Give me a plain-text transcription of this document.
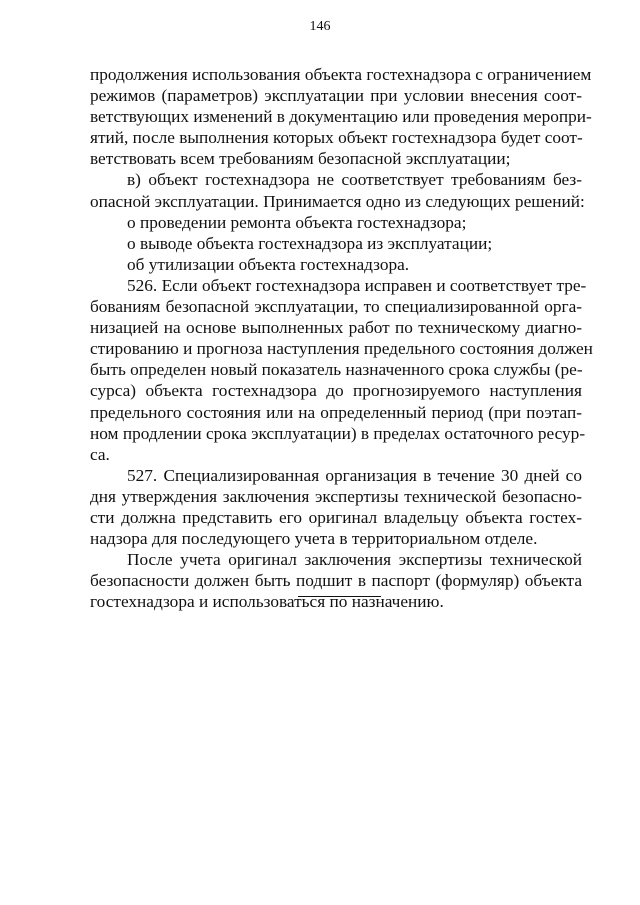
146
продолжения использования объекта гостехнадзора с ограничением
режимов (параметров) эксплуатации при условии внесения соот-
ветствующих изменений в документацию или проведения меропри-
ятий, после выполнения которых объект гостехнадзора будет соот-
ветствовать всем требованиям безопасной эксплуатации;
в) объект гостехнадзора не соответствует требованиям без-
опасной эксплуатации. Принимается одно из следующих решений:
о проведении ремонта объекта гостехнадзора;
о выводе объекта гостехнадзора из эксплуатации;
об утилизации объекта гостехнадзора.
526. Если объект гостехнадзора исправен и соответствует тре-
бованиям безопасной эксплуатации, то специализированной орга-
низацией на основе выполненных работ по техническому диагно-
стированию и прогноза наступления предельного состояния должен
быть определен новый показатель назначенного срока службы (ре-
сурса) объекта гостехнадзора до прогнозируемого наступления
предельного состояния или на определенный период (при поэтап-
ном продлении срока эксплуатации) в пределах остаточного ресур-
са.
527. Специализированная организация в течение 30 дней со
дня утверждения заключения экспертизы технической безопасно-
сти должна представить его оригинал владельцу объекта гостех-
надзора для последующего учета в территориальном отделе.
После учета оригинал заключения экспертизы технической
безопасности должен быть подшит в паспорт (формуляр) объекта
гостехнадзора и использоваться по назначению.
